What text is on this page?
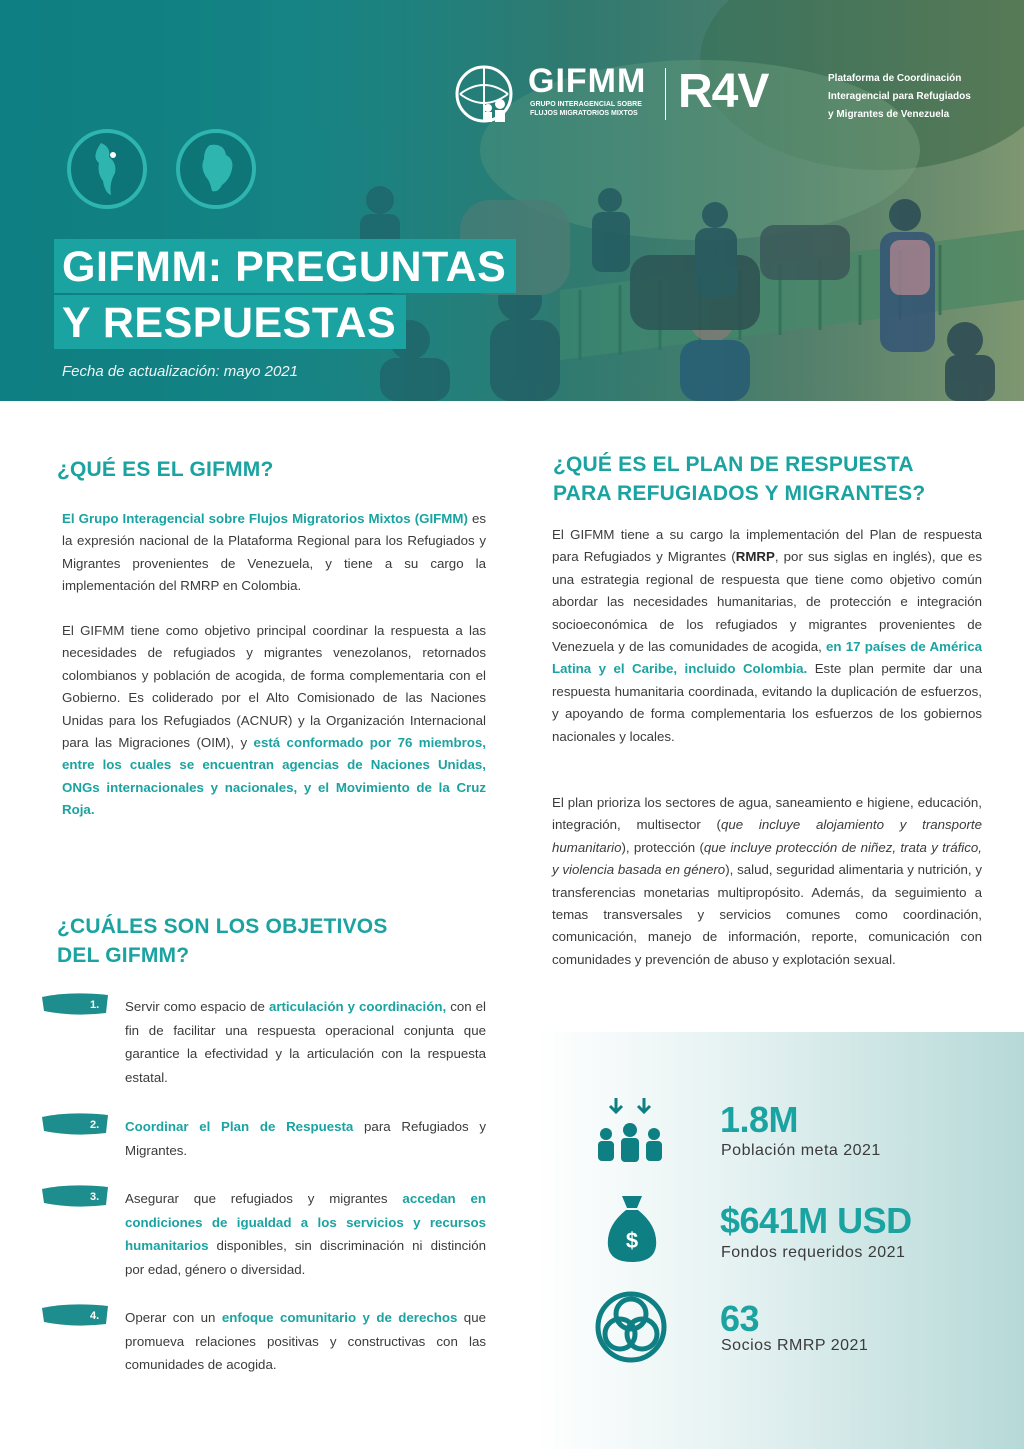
GIFMM
GRUPO INTERAGENCIAL SOBRE FLUJOS MIGRATORIOS MIXTOS R4V	Plataforma de Coordinación
Interagencial para Refugiados
y Migrantes de Venezuela
GIFMM: PREGUNTAS
Y RESPUESTAS
Fecha de actualización: mayo 2021
¿QUÉ ES EL GIFMM?

El Grupo Interagencial sobre Flujos Migratorios Mixtos (GIFMM) es la expresión nacional de la Plataforma Regional para los Refugiados y Migrantes provenientes de Venezuela, y tiene a su cargo la implementación del RMRP en Colombia.

El GIFMM tiene como objetivo principal coordinar la respuesta a las necesidades de refugiados y migrantes venezolanos, retornados colombianos y población de acogida, de forma complementaria con el Gobierno. Es coliderado por el Alto Comisionado de las Naciones Unidas para los Refugiados (ACNUR) y la Organización Internacional para las Migraciones (OIM), y está conformado por 76 miembros, entre los cuales se encuentran agencias de Naciones Unidas, ONGs internacionales y nacionales, y el Movimiento de la Cruz Roja.

¿CUÁLES SON LOS OBJETIVOS
DEL GIFMM?
1. Servir como espacio de articulación y coordinación, con el fin de facilitar una respuesta operacional conjunta que garantice la efectividad y la articulación con la respuesta estatal.
2. Coordinar el Plan de Respuesta para Refugiados y Migrantes.
3. Asegurar que refugiados y migrantes accedan en condiciones de igualdad a los servicios y recursos humanitarios disponibles, sin discriminación ni distinción por edad, género o diversidad.
4. Operar con un enfoque comunitario y de derechos que promueva relaciones positivas y constructivas con las comunidades de acogida.
¿QUÉ ES EL PLAN DE RESPUESTA
PARA REFUGIADOS Y MIGRANTES?

El GIFMM tiene a su cargo la implementación del Plan de respuesta para Refugiados y Migrantes (RMRP, por sus siglas en inglés), que es una estrategia regional de respuesta que tiene como objetivo común abordar las necesidades humanitarias, de protección e integración socioeconómica de los refugiados y migrantes provenientes de Venezuela y de las comunidades de acogida, en 17 países de América Latina y el Caribe, incluido Colombia. Este plan permite dar una respuesta humanitaria coordinada, evitando la duplicación de esfuerzos, y apoyando de forma complementaria los esfuerzos de los gobiernos nacionales y locales.

El plan prioriza los sectores de agua, saneamiento e higiene, educación, integración, multisector (que incluye alojamiento y transporte humanitario), protección (que incluye protección de niñez, trata y tráfico, y violencia basada en género), salud, seguridad alimentaria y nutrición, y transferencias monetarias multipropósito. Además, da seguimiento a temas transversales y servicios comunes como coordinación, comunicación, manejo de información, reporte, comunicación con comunidades y prevención de abuso y explotación sexual.

1.8M
Población meta 2021
$ $641M USD
Fondos requeridos 2021
63
Socios RMRP 2021
